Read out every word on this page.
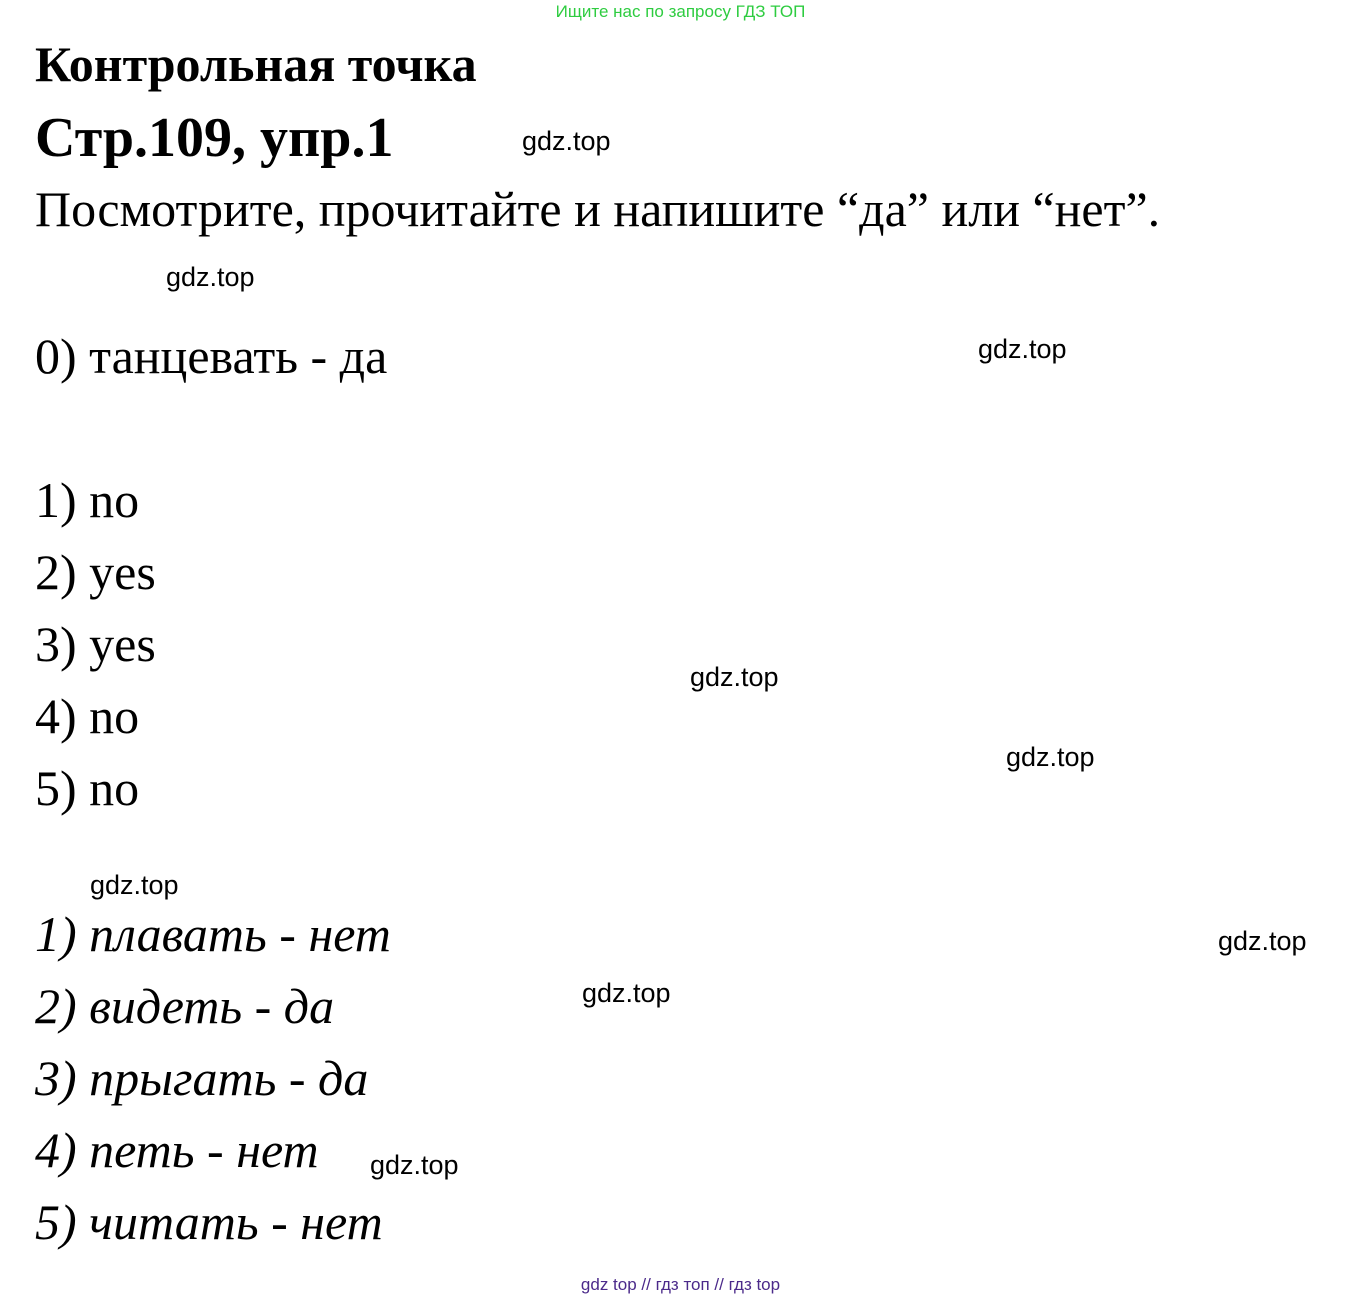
Ищите нас по запросу ГДЗ ТОП
Контрольная точка
Стр.109, упр.1
Посмотрите, прочитайте и напишите “да” или “нет”.
0) танцевать - да
1) no
2) yes
3) yes
4) no
5) no
1) плавать - нет
2) видеть - да
3) прыгать - да
4) петь - нет
5) читать - нет
gdz.top
gdz.top
gdz.top
gdz.top
gdz.top
gdz.top
gdz.top
gdz.top
gdz.top
gdz top // гдз топ // гдз top
